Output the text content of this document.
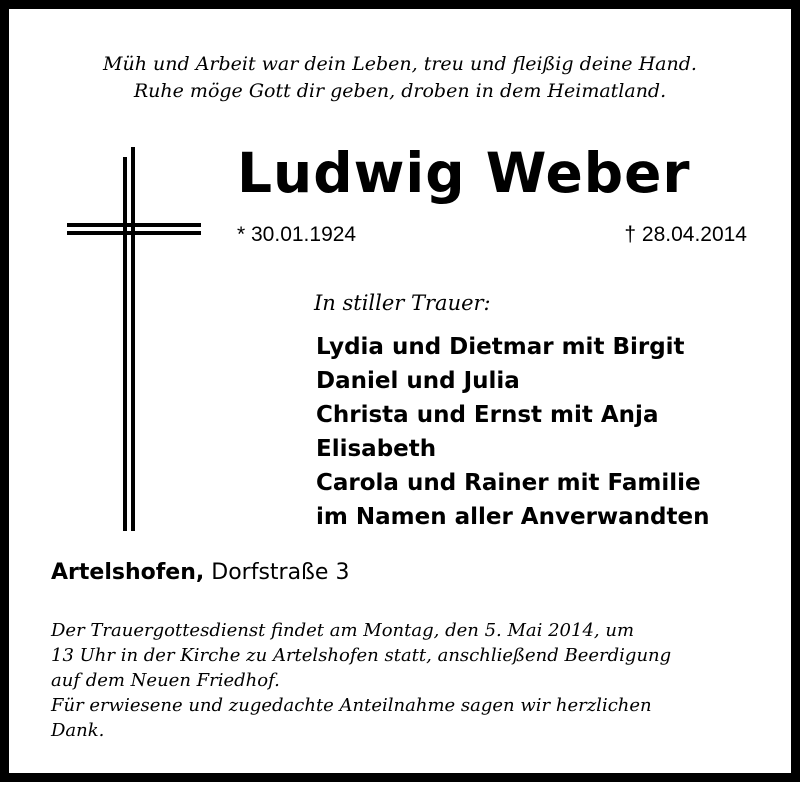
Müh und Arbeit war dein Leben, treu und fleißig deine Hand.
Ruhe möge Gott dir geben, droben in dem Heimatland.
Ludwig Weber
* 30.01.1924	† 28.04.2014
In stiller Trauer:
Lydia und Dietmar mit Birgit
Daniel und Julia
Christa und Ernst mit Anja
Elisabeth
Carola und Rainer mit Familie
im Namen aller Anverwandten
Artelshofen, Dorfstraße 3
Der Trauergottesdienst findet am Montag, den 5. Mai 2014, um
13 Uhr in der Kirche zu Artelshofen statt, anschließend Beerdigung
auf dem Neuen Friedhof.
Für erwiesene und zugedachte Anteilnahme sagen wir herzlichen
Dank.
